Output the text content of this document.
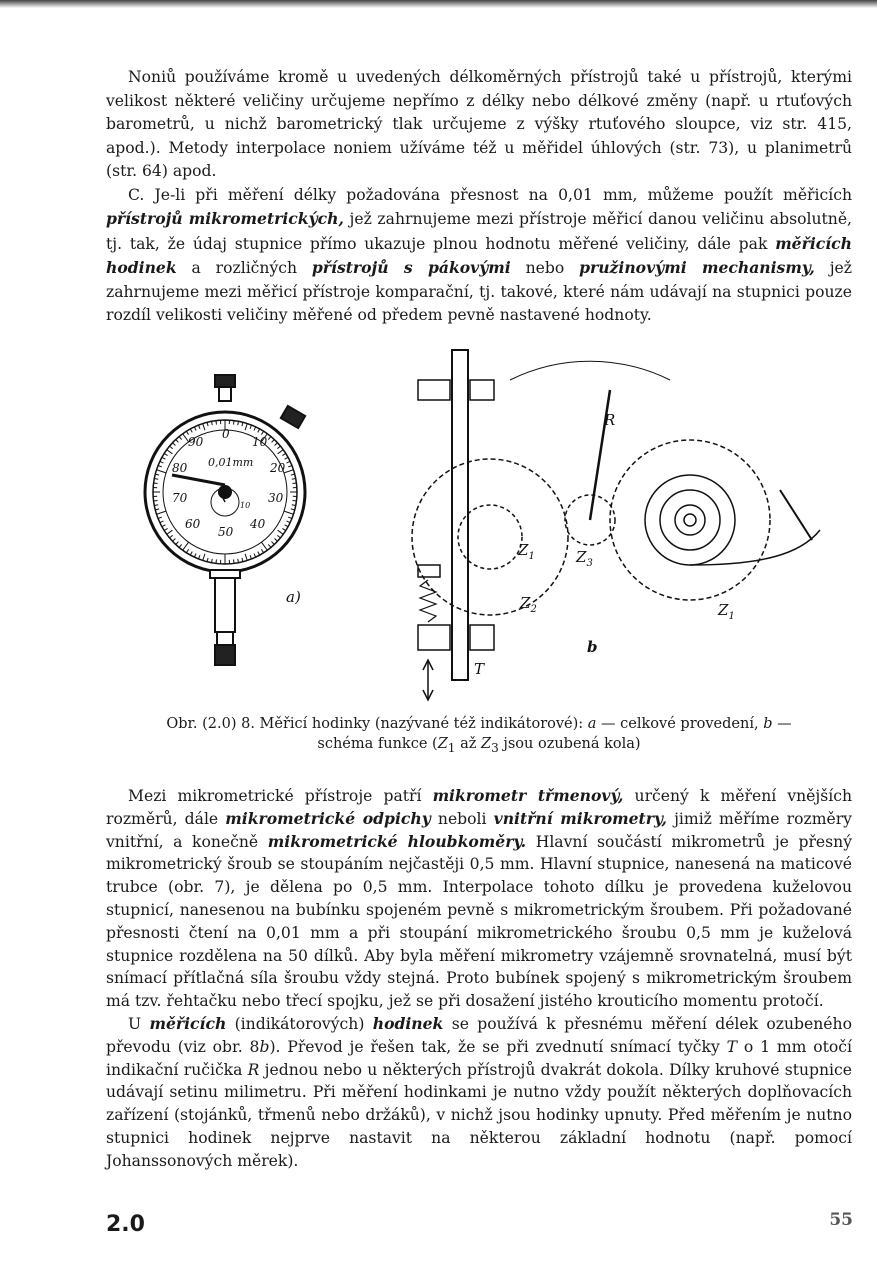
Noniů používáme kromě u uvedených délkoměrných přístrojů také u přístrojů, kterými velikost některé veličiny určujeme nepřímo z délky nebo délkové změny (např. u rtuťových barometrů, u nichž barometrický tlak určujeme z výšky rtuťového sloupce, viz str. 415, apod.). Metody interpolace noniem užíváme též u měřidel úhlových (str. 73), u planimetrů (str. 64) apod.

C. Je-li při měření délky požadována přesnost na 0,01 mm, můžeme použít měřicích přístrojů mikrometrických, jež zahrnujeme mezi přístroje měřicí danou veličinu absolutně, tj. tak, že údaj stupnice přímo ukazuje plnou hodnotu měřené veličiny, dále pak měřicích hodinek a rozličných přístrojů s pákovými nebo pružinovými mechanismy, jež zahrnujeme mezi měřicí přístroje komparační, tj. takové, které nám udávají na stupnici pouze rozdíl velikosti veličiny měřené od předem pevně nastavené hodnoty.

0
10
20
30
40
50
60
70
80
90
0,01mm
5
10
a)
R
$Z_1$
$Z_2$
$Z_3$
$Z_1$
T
b
Obr. (2.0) 8. Měřicí hodinky (nazývané též indikátorové): a — celkové provedení, b —
schéma funkce ($Z_1$ až $Z_3$ jsou ozubená kola)

Mezi mikrometrické přístroje patří mikrometr třmenový, určený k měření vnějších rozměrů, dále mikrometrické odpichy neboli vnitřní mikrometry, jimiž měříme rozměry vnitřní, a konečně mikrometrické hloubkoměry. Hlavní součástí mikrometrů je přesný mikrometrický šroub se stoupáním nejčastěji 0,5 mm. Hlavní stupnice, nanesená na maticové trubce (obr. 7), je dělena po 0,5 mm. Interpolace tohoto dílku je provedena kuželovou stupnicí, nanesenou na bubínku spojeném pevně s mikrometrickým šroubem. Při požadované přesnosti čtení na 0,01 mm a při stoupání mikrometrického šroubu 0,5 mm je kuželová stupnice rozdělena na 50 dílků. Aby byla měření mikrometry vzájemně srovnatelná, musí být snímací přítlačná síla šroubu vždy stejná. Proto bubínek spojený s mikrometrickým šroubem má tzv. řehtačku nebo třecí spojku, jež se při dosažení jistého krouticího momentu protočí.

U měřicích (indikátorových) hodinek se používá k přesnému měření délek ozubeného převodu (viz obr. 8b). Převod je řešen tak, že se při zvednutí snímací tyčky T o 1 mm otočí indikační ručička R jednou nebo u některých přístrojů dvakrát dokola. Dílky kruhové stupnice udávají setinu milimetru. Při měření hodinkami je nutno vždy použít některých doplňovacích zařízení (stojánků, třmenů nebo držáků), v nichž jsou hodinky upnuty. Před měřením je nutno stupnici hodinek nejprve nastavit na některou základní hodnotu (např. pomocí Johanssonových měrek).

2.0	55
